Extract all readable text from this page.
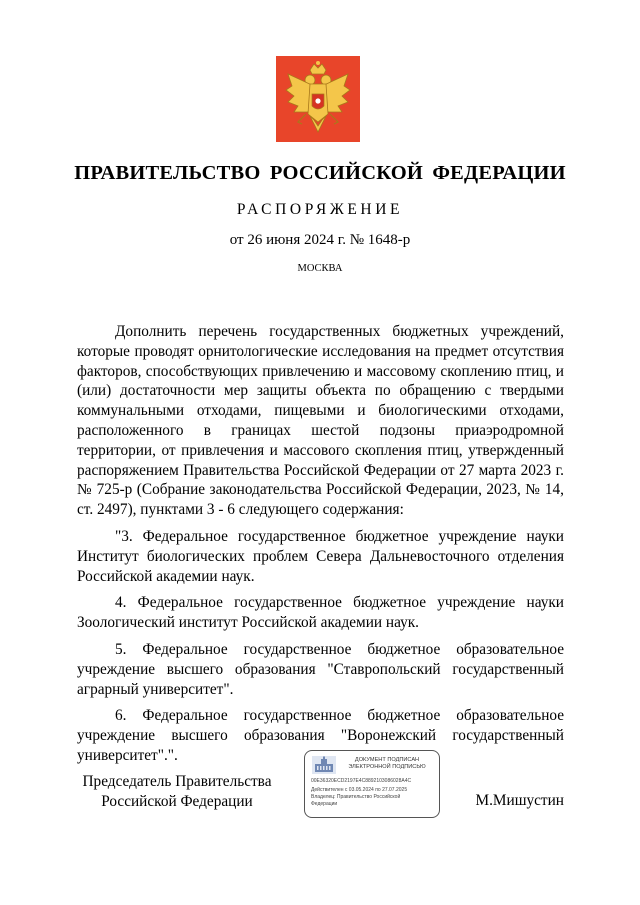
ПРАВИТЕЛЬСТВО РОССИЙСКОЙ ФЕДЕРАЦИИ
РАСПОРЯЖЕНИЕ
от 26 июня 2024 г. № 1648-р
МОСКВА

Дополнить перечень государственных бюджетных учреждений, которые проводят орнитологические исследования на предмет отсутствия факторов, способствующих привлечению и массовому скоплению птиц, и (или) достаточности мер защиты объекта по обращению с твердыми коммунальными отходами, пищевыми и биологическими отходами, расположенного в границах шестой подзоны приаэродромной территории, от привлечения и массового скопления птиц, утвержденный распоряжением Правительства Российской Федерации от 27 марта 2023 г. № 725-р (Собрание законодательства Российской Федерации, 2023, № 14, ст. 2497), пунктами 3 - 6 следующего содержания:

"3. Федеральное государственное бюджетное учреждение науки Институт биологических проблем Севера Дальневосточного отделения Российской академии наук.

4. Федеральное государственное бюджетное учреждение науки Зоологический институт Российской академии наук.

5. Федеральное государственное бюджетное образовательное учреждение высшего образования "Ставропольский государственный аграрный университет".

6. Федеральное государственное бюджетное образовательное учреждение высшего образования "Воронежский государственный университет".".

Председатель Правительства
Российской Федерации
ДОКУМЕНТ ПОДПИСАН
ЭЛЕКТРОННОЙ ПОДПИСЬЮ
00E36320ECD2197E4C8892103086028A4C
Действителен с 03.05.2024 по 27.07.2025
Владелец: Правительство Российской
Федерации	М.Мишустин
